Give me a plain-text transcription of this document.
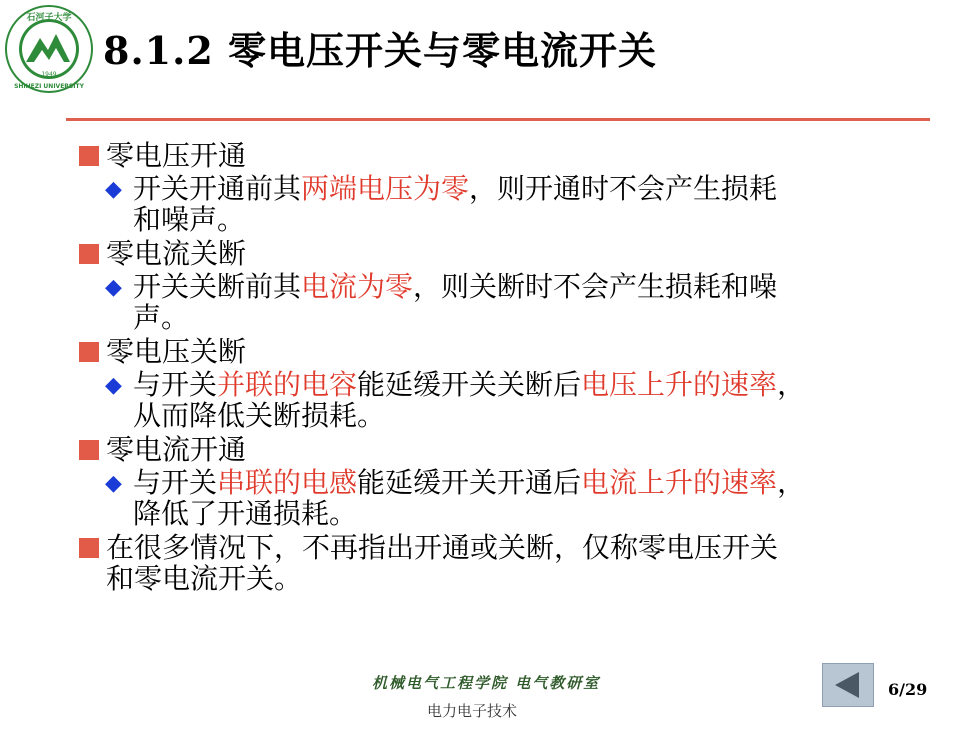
石河子大学
1949
SHIHEZI UNIVERSITY
8.1.2 零电压开关与零电流开关
零电压开通
◆ 开关开通前其两端电压为零，则开通时不会产生损耗
和噪声。
零电流关断
◆ 开关关断前其电流为零，则关断时不会产生损耗和噪
声。
零电压关断
◆ 与开关并联的电容能延缓开关关断后电压上升的速率，
从而降低关断损耗。
零电流开通
◆ 与开关串联的电感能延缓开关开通后电流上升的速率，
降低了开通损耗。
在很多情况下，不再指出开通或关断，仅称零电压开关
和零电流开关。
机械电气工程学院 电气教研室
电力电子技术
6/29
